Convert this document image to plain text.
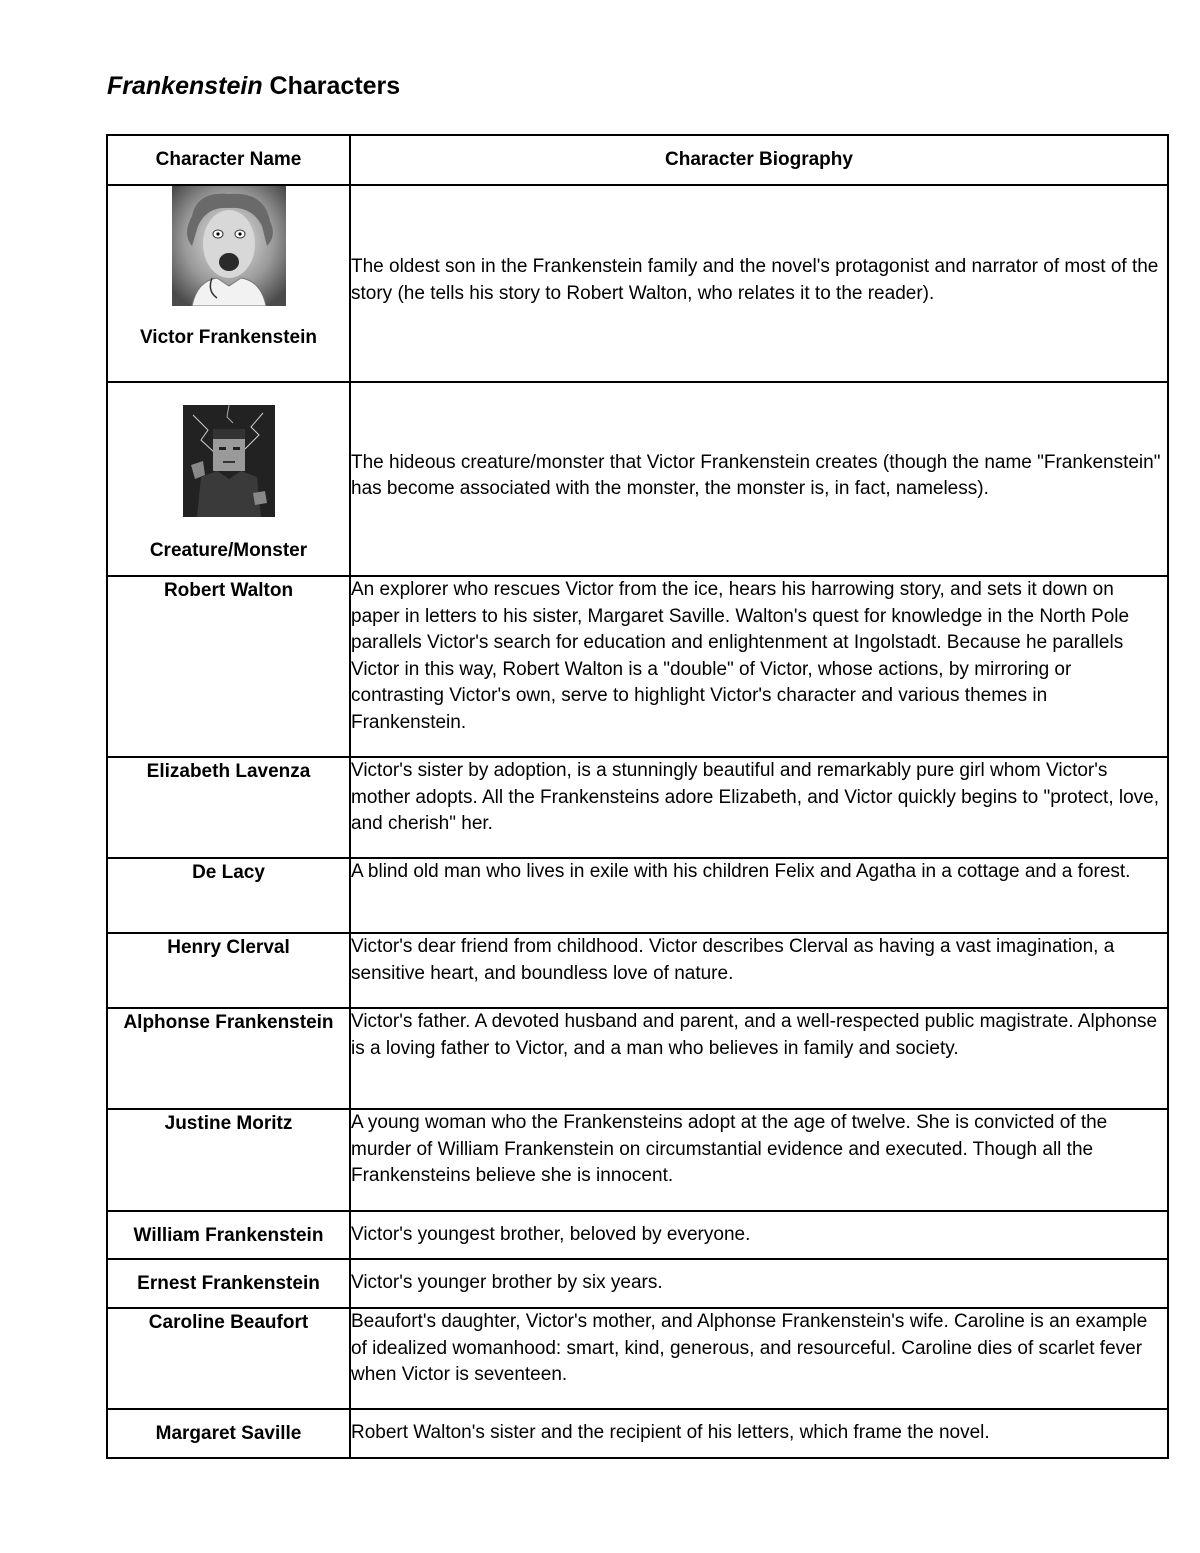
Frankenstein Characters
Character Name	Character Biography

Victor Frankenstein	The oldest son in the Frankenstein family and the novel's protagonist and narrator of most of the story (he tells his story to Robert Walton, who relates it to the reader).

Creature/Monster	The hideous creature/monster that Victor Frankenstein creates (though the name "Frankenstein" has become associated with the monster, the monster is, in fact, nameless).
Robert Walton	An explorer who rescues Victor from the ice, hears his harrowing story, and sets it down on paper in letters to his sister, Margaret Saville. Walton's quest for knowledge in the North Pole parallels Victor's search for education and enlightenment at Ingolstadt. Because he parallels Victor in this way, Robert Walton is a "double" of Victor, whose actions, by mirroring or contrasting Victor's own, serve to highlight Victor's character and various themes in Frankenstein.
Elizabeth Lavenza	Victor's sister by adoption, is a stunningly beautiful and remarkably pure girl whom Victor's mother adopts. All the Frankensteins adore Elizabeth, and Victor quickly begins to "protect, love, and cherish" her.
De Lacy	A blind old man who lives in exile with his children Felix and Agatha in a cottage and a forest.
Henry Clerval	Victor's dear friend from childhood. Victor describes Clerval as having a vast imagination, a sensitive heart, and boundless love of nature.
Alphonse Frankenstein	Victor's father. A devoted husband and parent, and a well-respected public magistrate. Alphonse is a loving father to Victor, and a man who believes in family and society.
Justine Moritz	A young woman who the Frankensteins adopt at the age of twelve. She is convicted of the murder of William Frankenstein on circumstantial evidence and executed. Though all the Frankensteins believe she is innocent.
William Frankenstein	Victor's youngest brother, beloved by everyone.
Ernest Frankenstein	Victor's younger brother by six years.
Caroline Beaufort	Beaufort's daughter, Victor's mother, and Alphonse Frankenstein's wife. Caroline is an example of idealized womanhood: smart, kind, generous, and resourceful. Caroline dies of scarlet fever when Victor is seventeen.
Margaret Saville	Robert Walton's sister and the recipient of his letters, which frame the novel.
